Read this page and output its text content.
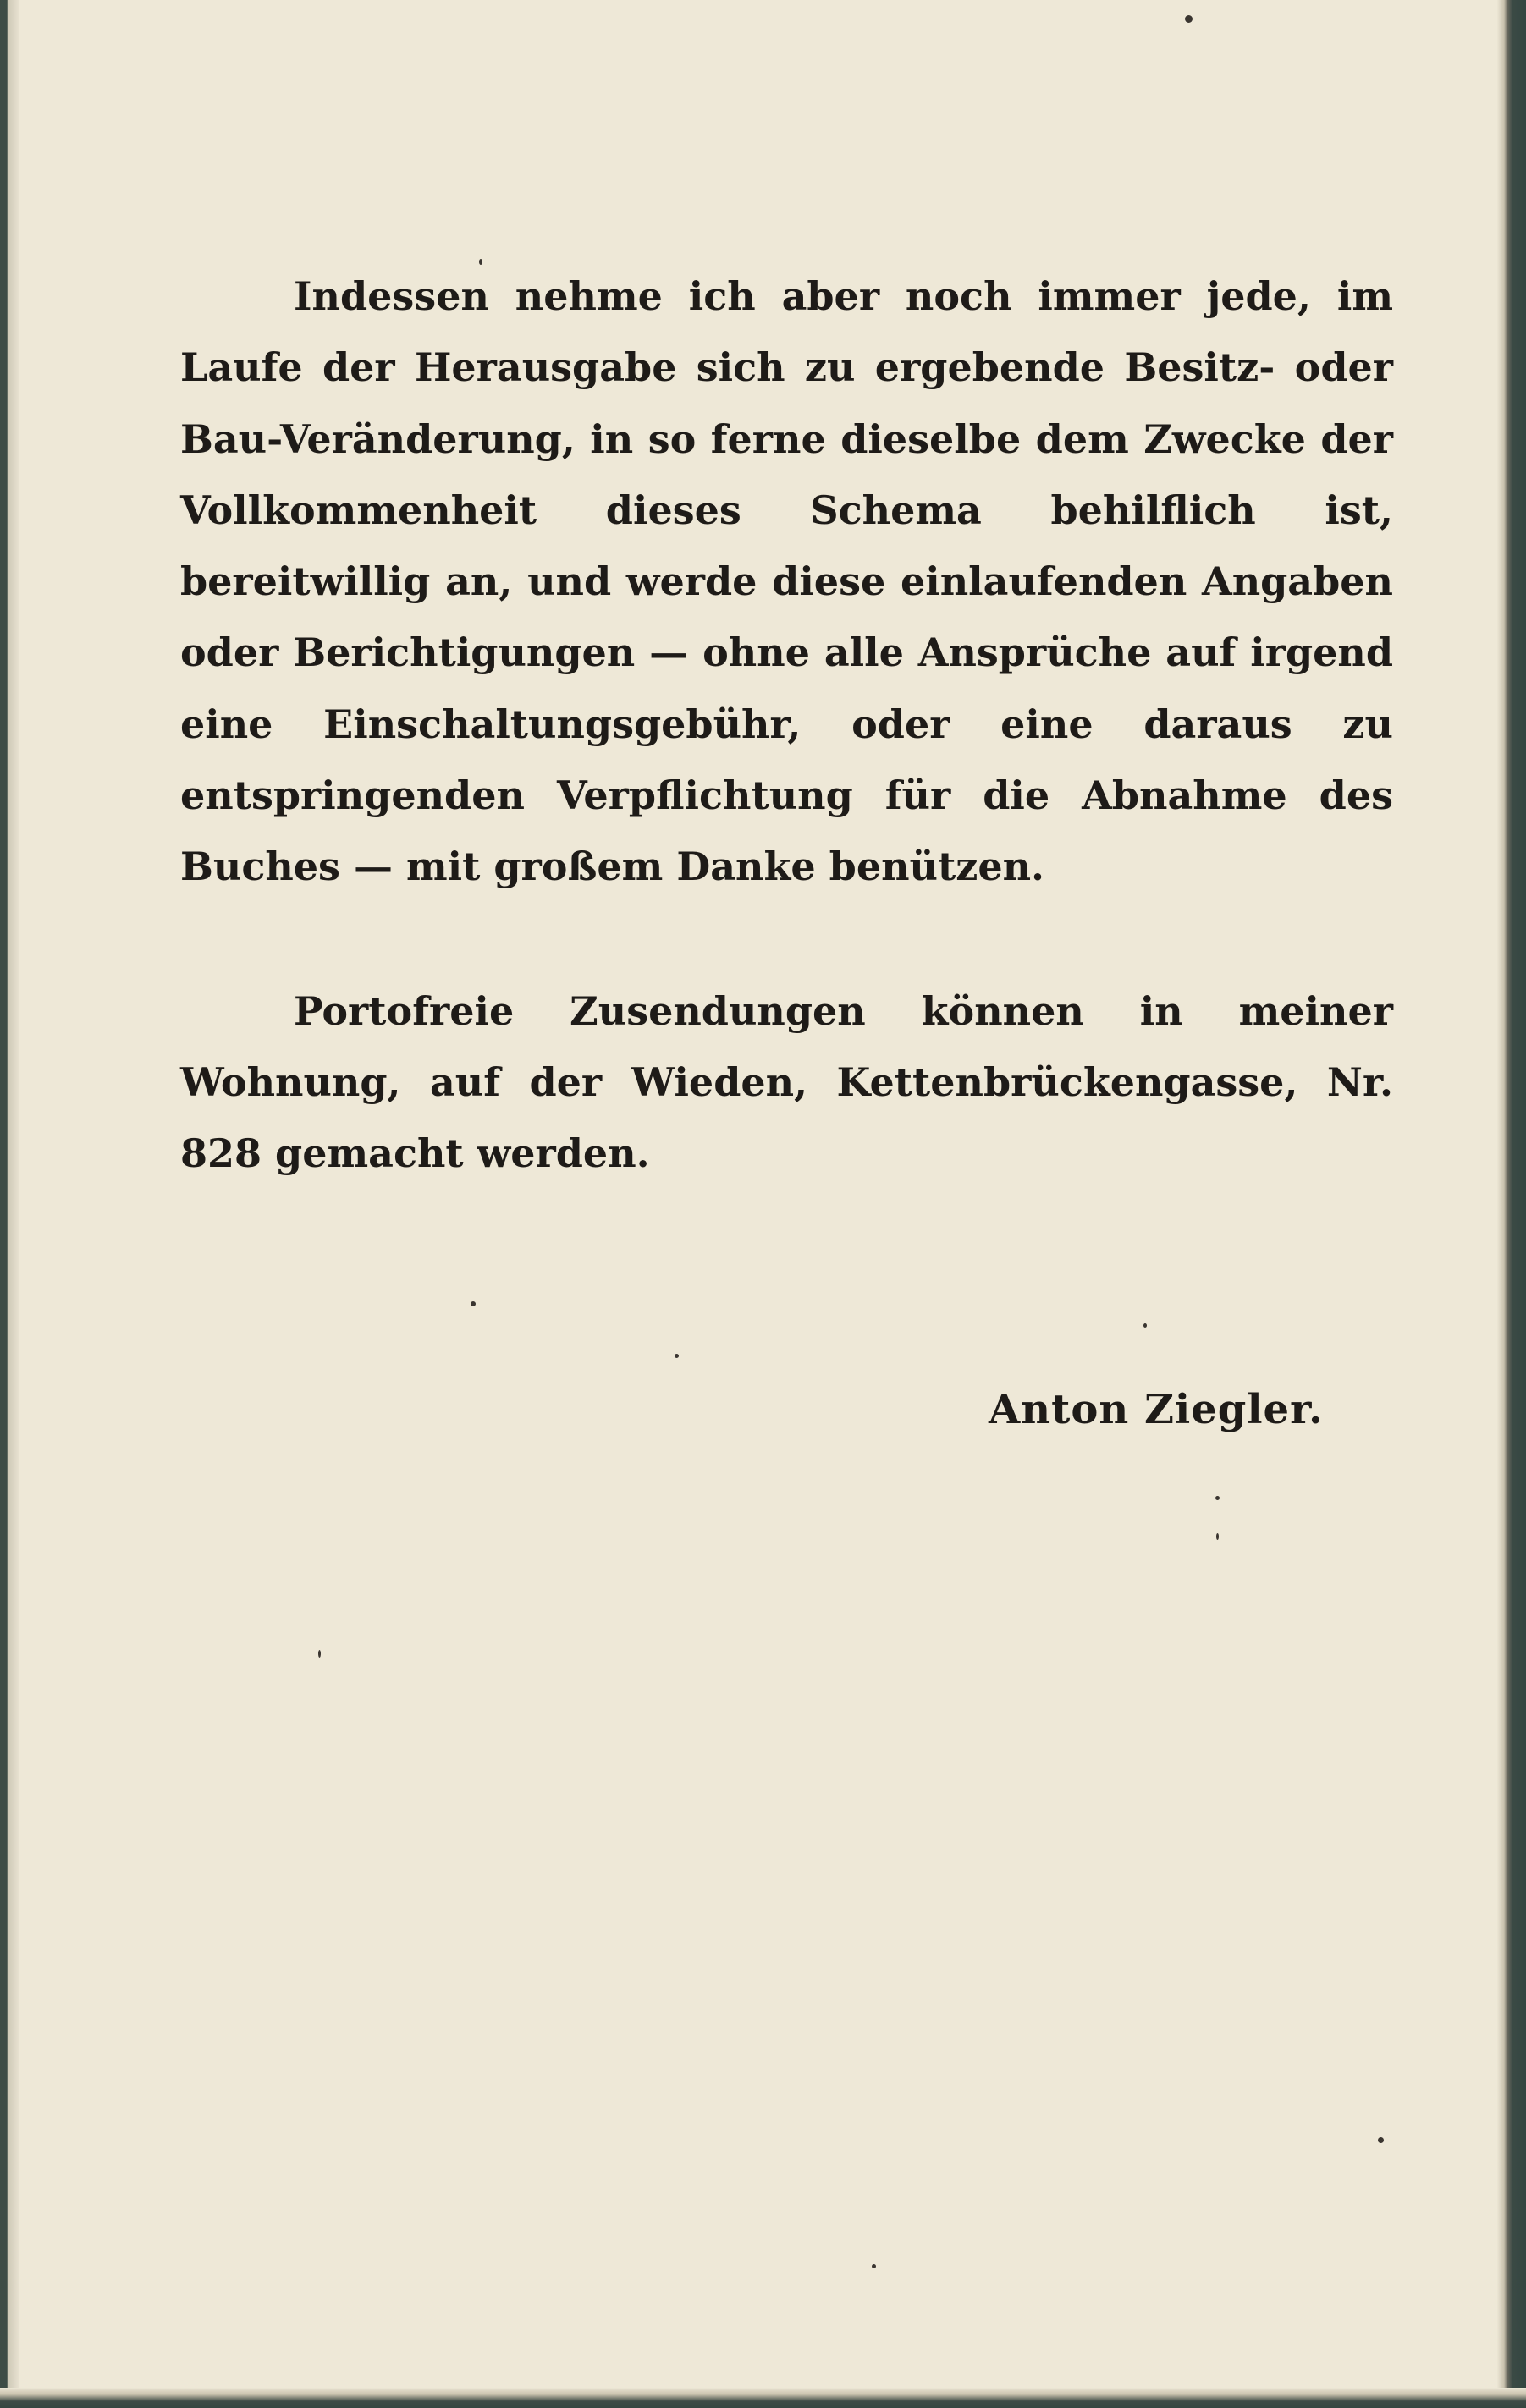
Indessen nehme ich aber noch immer jede, im Laufe der Herausgabe sich zu ergebende Besitz- oder Bau-Veränderung, in so ferne dieselbe dem Zwecke der Vollkommenheit dieses Schema behilflich ist, bereitwillig an, und werde diese einlaufenden Angaben oder Berichtigungen — ohne alle Ansprüche auf irgend eine Einschaltungsgebühr, oder eine daraus zu entspringenden Verpflichtung für die Abnahme des Buches — mit großem Danke benützen.

Portofreie Zusendungen können in meiner Wohnung, auf der Wieden, Kettenbrückengasse, Nr. 828 gemacht werden.

Anton Ziegler.
